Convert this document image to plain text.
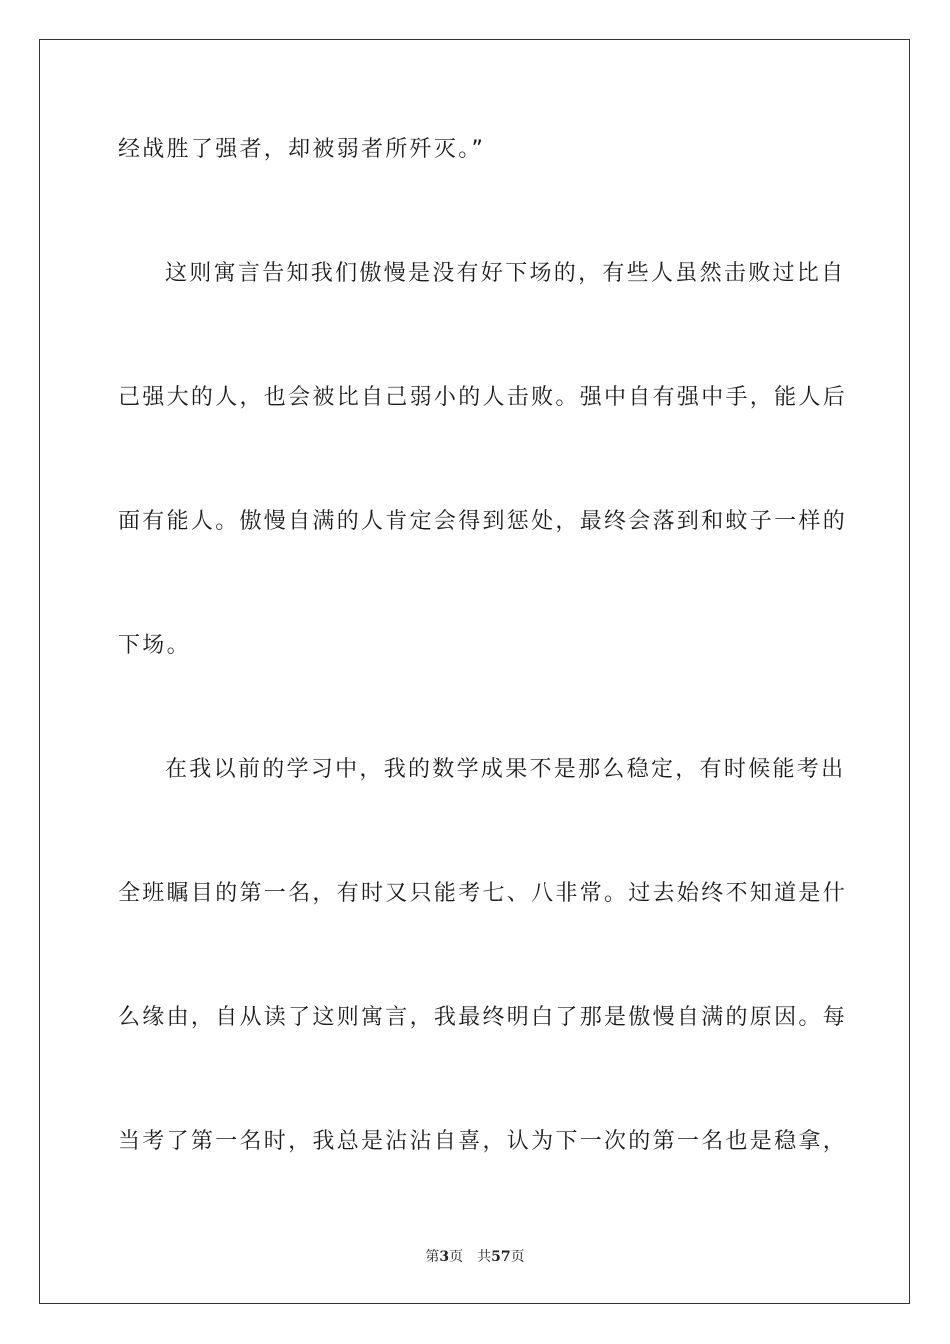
经战胜了强者，却被弱者所歼灭。”

这则寓言告知我们傲慢是没有好下场的，有些人虽然击败过比自

己强大的人，也会被比自己弱小的人击败。强中自有强中手，能人后

面有能人。傲慢自满的人肯定会得到惩处，最终会落到和蚊子一样的

下场。

在我以前的学习中，我的数学成果不是那么稳定，有时候能考出

全班瞩目的第一名，有时又只能考七、八非常。过去始终不知道是什

么缘由，自从读了这则寓言，我最终明白了那是傲慢自满的原因。每

当考了第一名时，我总是沾沾自喜，认为下一次的第一名也是稳拿，

第3页 共57页
